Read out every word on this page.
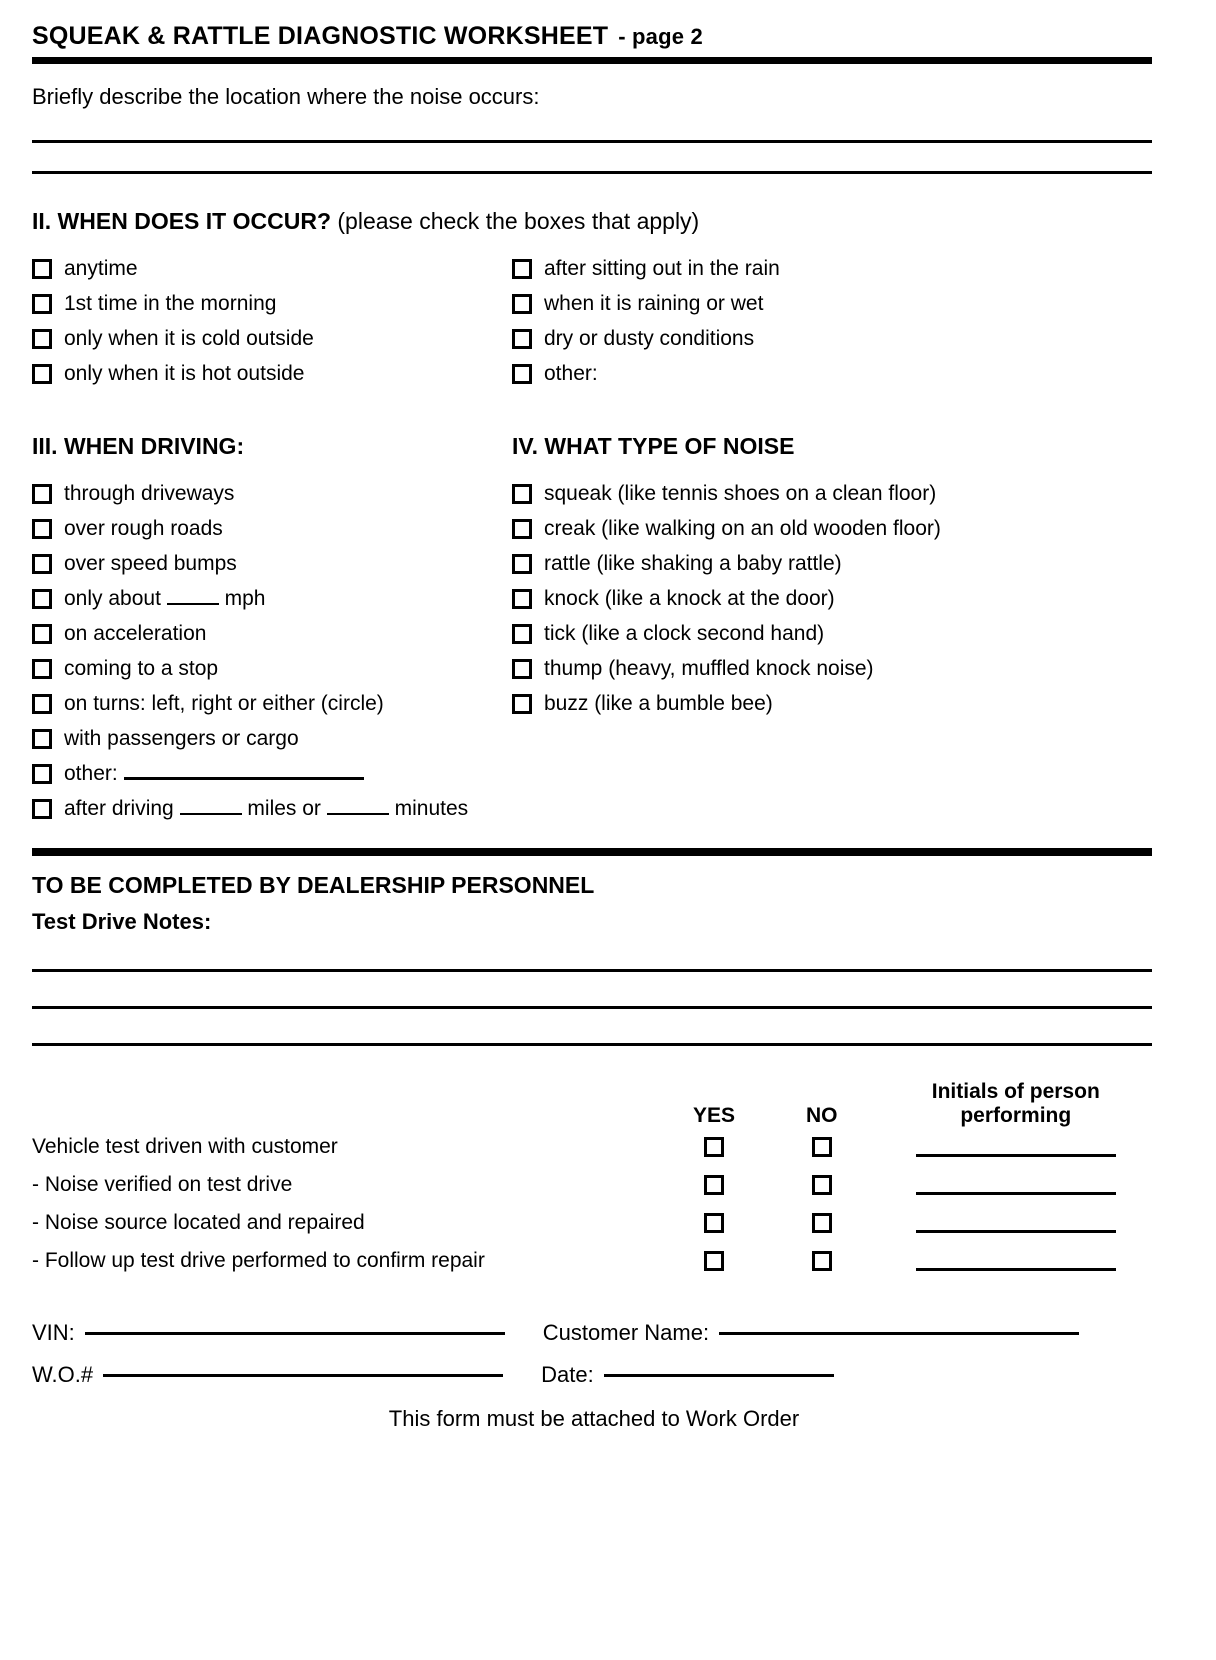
SQUEAK & RATTLE DIAGNOSTIC WORKSHEET - page 2
Briefly describe the location where the noise occurs:
II. WHEN DOES IT OCCUR? (please check the boxes that apply)
anytime
1st time in the morning
only when it is cold outside
only when it is hot outside
after sitting out in the rain
when it is raining or wet
dry or dusty conditions
other:
III. WHEN DRIVING:	IV. WHAT TYPE OF NOISE
through driveways
over rough roads
over speed bumps
only about	mph
on acceleration
coming to a stop
on turns: left, right or either (circle)
with passengers or cargo
other:
after driving	miles or	minutes
squeak (like tennis shoes on a clean floor)
creak (like walking on an old wooden floor)
rattle (like shaking a baby rattle)
knock (like a knock at the door)
tick (like a clock second hand)
thump (heavy, muffled knock noise)
buzz (like a bumble bee)
TO BE COMPLETED BY DEALERSHIP PERSONNEL
Test Drive Notes:
	YES	NO	Initials of person
performing
Vehicle test driven with customer	

- Noise verified on test drive	

- Noise source located and repaired	

- Follow up test drive performed to confirm repair	

VIN:	Customer Name:
W.O.#	Date:
This form must be attached to Work Order
